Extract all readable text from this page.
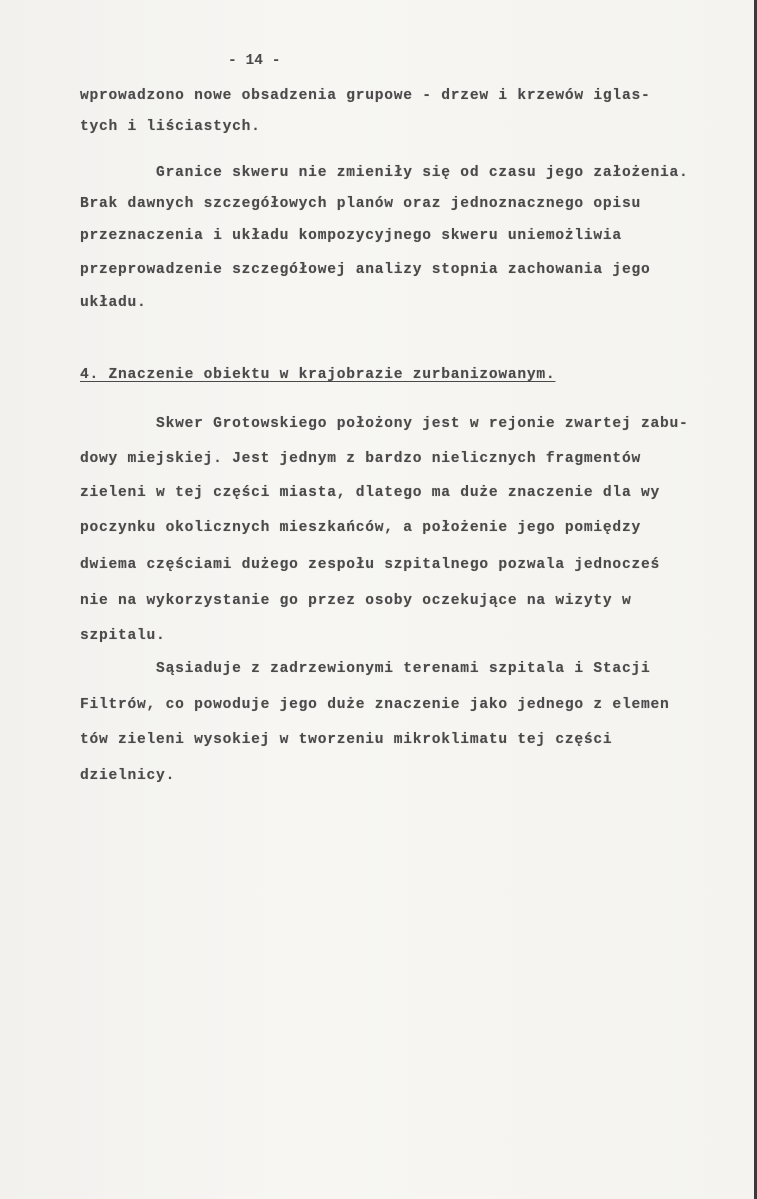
- 14 -
wprowadzono nowe obsadzenia grupowe - drzew i krzewów iglas-
tych i liściastych.
Granice skweru nie zmieniły się od czasu jego założenia.
Brak dawnych szczegółowych planów oraz jednoznacznego opisu
przeznaczenia i układu kompozycyjnego skweru uniemożliwia
przeprowadzenie szczegółowej analizy stopnia zachowania jego
układu.
4. Znaczenie obiektu w krajobrazie zurbanizowanym.
Skwer Grotowskiego położony jest w rejonie zwartej zabu-
dowy miejskiej. Jest jednym z bardzo nielicznych fragmentów
zieleni w tej części miasta, dlatego ma duże znaczenie dla wy
poczynku okolicznych mieszkańców, a położenie jego pomiędzy
dwiema częściami dużego zespołu szpitalnego pozwala jednocześ
nie na wykorzystanie go przez osoby oczekujące na wizyty w
szpitalu.
Sąsiaduje z zadrzewionymi terenami szpitala i Stacji
Filtrów, co powoduje jego duże znaczenie jako jednego z elemen
tów zieleni wysokiej w tworzeniu mikroklimatu tej części
dzielnicy.
